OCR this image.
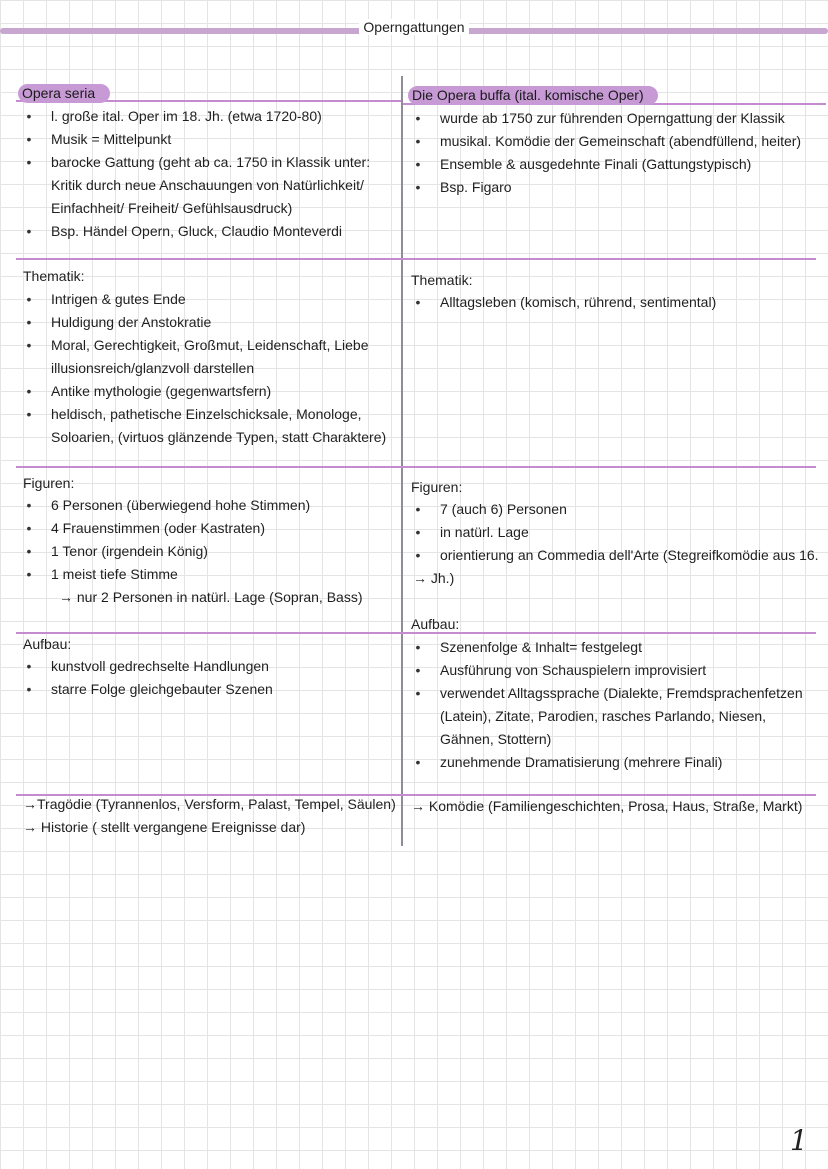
Operngattungen
Opera seria	Die Opera buffa (ital. komische Oper)
• l. große ital. Oper im 18. Jh. (etwa 1720-80)
• Musik = Mittelpunkt
• barocke Gattung (geht ab ca. 1750 in Klassik unter:
Kritik durch neue Anschauungen von Natürlichkeit/
Einfachheit/ Freiheit/ Gefühlsausdruck)
• Bsp. Händel Opern, Gluck, Claudio Monteverdi
• wurde ab 1750 zur führenden Operngattung der Klassik
• musikal. Komödie der Gemeinschaft (abendfüllend, heiter)
• Ensemble & ausgedehnte Finali (Gattungstypisch)
• Bsp. Figaro
Thematik:
• Intrigen & gutes Ende
• Huldigung der Anstokratie
• Moral, Gerechtigkeit, Großmut, Leidenschaft, Liebe
illusionsreich/glanzvoll darstellen
• Antike mythologie (gegenwartsfern)
• heldisch, pathetische Einzelschicksale, Monologe,
Soloarien, (virtuos glänzende Typen, statt Charaktere)
Thematik:
• Alltagsleben (komisch, rührend, sentimental)
Figuren:
• 6 Personen (überwiegend hohe Stimmen)
• 4 Frauenstimmen (oder Kastraten)
• 1 Tenor (irgendein König)
• 1 meist tiefe Stimme
→ nur 2 Personen in natürl. Lage (Sopran, Bass)
Figuren:
• 7 (auch 6) Personen
• in natürl. Lage
• orientierung an Commedia dell'Arte (Stegreifkomödie aus 16.
→ Jh.)
Aufbau:
• kunstvoll gedrechselte Handlungen
• starre Folge gleichgebauter Szenen
Aufbau:
• Szenenfolge & Inhalt= festgelegt
• Ausführung von Schauspielern improvisiert
• verwendet Alltagssprache (Dialekte, Fremdsprachenfetzen
(Latein), Zitate, Parodien, rasches Parlando, Niesen,
Gähnen, Stottern)
• zunehmende Dramatisierung (mehrere Finali)
→Tragödie (Tyrannenlos, Versform, Palast, Tempel, Säulen)
→ Historie ( stellt vergangene Ereignisse dar)
→ Komödie (Familiengeschichten, Prosa, Haus, Straße, Markt)
1
